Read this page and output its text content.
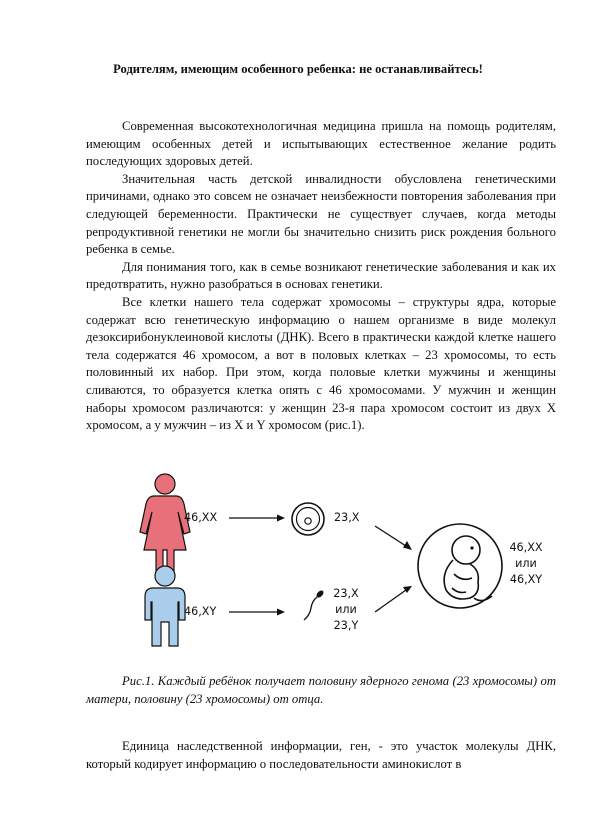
Родителям, имеющим особенного ребенка: не останавливайтесь!

Современная высокотехнологичная медицина пришла на помощь родителям, имеющим особенных детей и испытывающих естественное желание родить последующих здоровых детей.

Значительная часть детской инвалидности обусловлена генетическими причинами, однако это совсем не означает неизбежности повторения заболевания при следующей беременности. Практически не существует случаев, когда методы репродуктивной генетики не могли бы значительно снизить риск рождения больного ребенка в семье.

Для понимания того, как в семье возникают генетические заболевания и как их предотвратить, нужно разобраться в основах генетики.

Все клетки нашего тела содержат хромосомы – структуры ядра, которые содержат всю генетическую информацию о нашем организме в виде молекул дезоксирибонуклеиновой кислоты (ДНК). Всего в практически каждой клетке нашего тела содержатся 46 хромосом, а вот в половых клетках – 23 хромосомы, то есть половинный их набор. При этом, когда половые клетки мужчины и женщины сливаются, то образуется клетка опять с 46 хромосомами. У мужчин и женщин наборы хромосом различаются: у женщин 23-я пара хромосом состоит из двух X хромосом, а у мужчин – из X и Y хромосом (рис.1).

46,XX	23,X
46,XY
23,X
или
23,Y
46,XX
или
46,XY
Рис.1. Каждый ребёнок получает половину ядерного генома (23 хромосомы) от матери, половину (23 хромосомы) от отца.

Единица наследственной информации, ген, - это участок молекулы ДНК, который кодирует информацию о последовательности аминокислот в
